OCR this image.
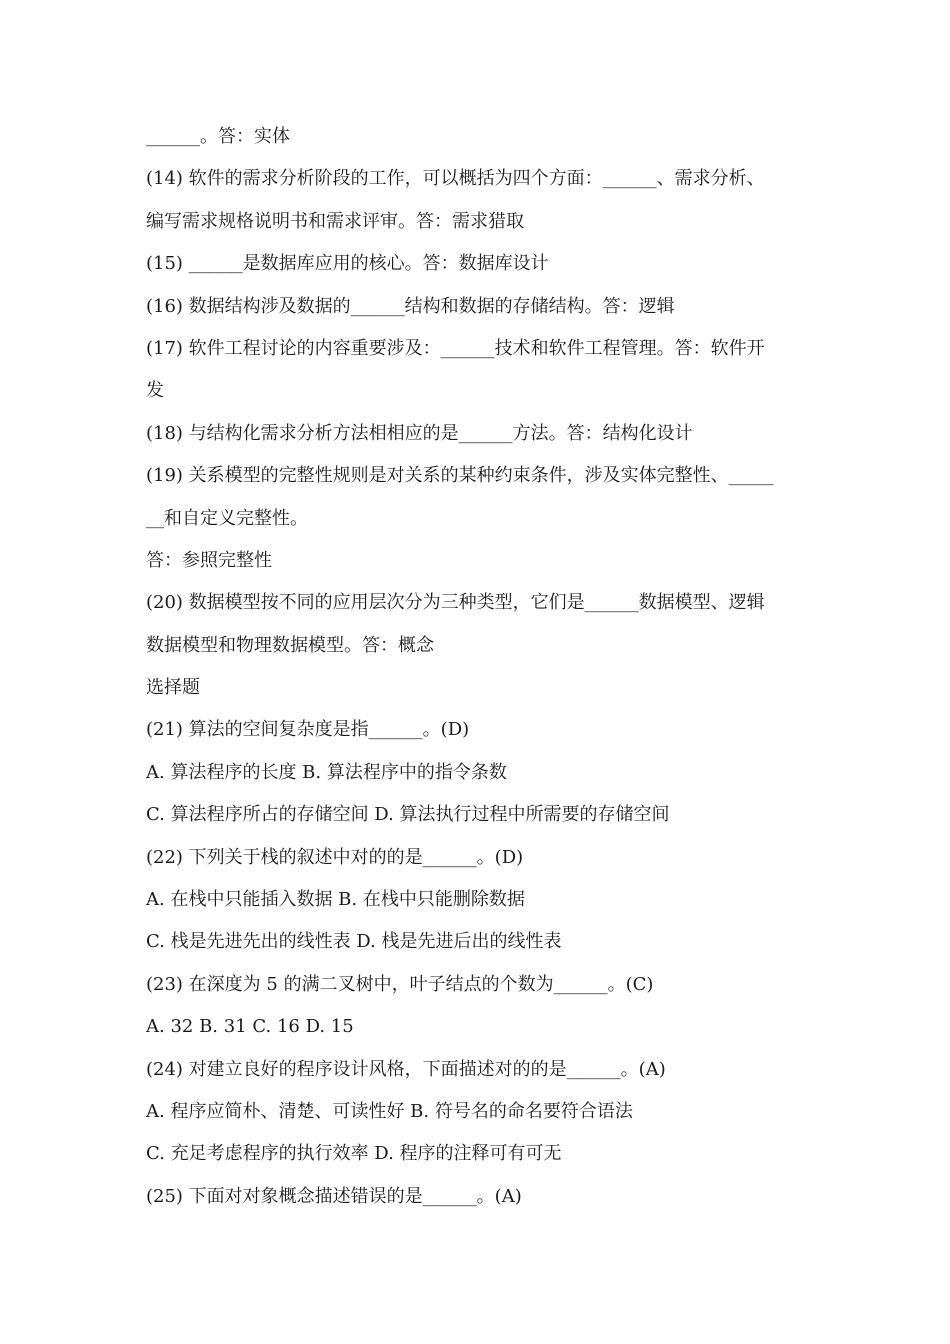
______。答：实体
(14) 软件的需求分析阶段的工作，可以概括为四个方面：______、需求分析、
编写需求规格说明书和需求评审。答：需求猎取
(15) ______是数据库应用的核心。答：数据库设计
(16) 数据结构涉及数据的______结构和数据的存储结构。答：逻辑
(17) 软件工程讨论的内容重要涉及：______技术和软件工程管理。答：软件开
发
(18) 与结构化需求分析方法相相应的是______方法。答：结构化设计
(19) 关系模型的完整性规则是对关系的某种约束条件，涉及实体完整性、_____
__和自定义完整性。
答：参照完整性
(20) 数据模型按不同的应用层次分为三种类型，它们是______数据模型、逻辑
数据模型和物理数据模型。答：概念
选择题
(21) 算法的空间复杂度是指______。(D)
A. 算法程序的长度 B. 算法程序中的指令条数
C. 算法程序所占的存储空间 D. 算法执行过程中所需要的存储空间
(22) 下列关于栈的叙述中对的的是______。(D)
A. 在栈中只能插入数据 B. 在栈中只能删除数据
C. 栈是先进先出的线性表 D. 栈是先进后出的线性表
(23) 在深度为 5 的满二叉树中，叶子结点的个数为______。(C)
A. 32 B. 31 C. 16 D. 15
(24) 对建立良好的程序设计风格，下面描述对的的是______。(A)
A. 程序应简朴、清楚、可读性好 B. 符号名的命名要符合语法
C. 充足考虑程序的执行效率 D. 程序的注释可有可无
(25) 下面对对象概念描述错误的是______。(A)
